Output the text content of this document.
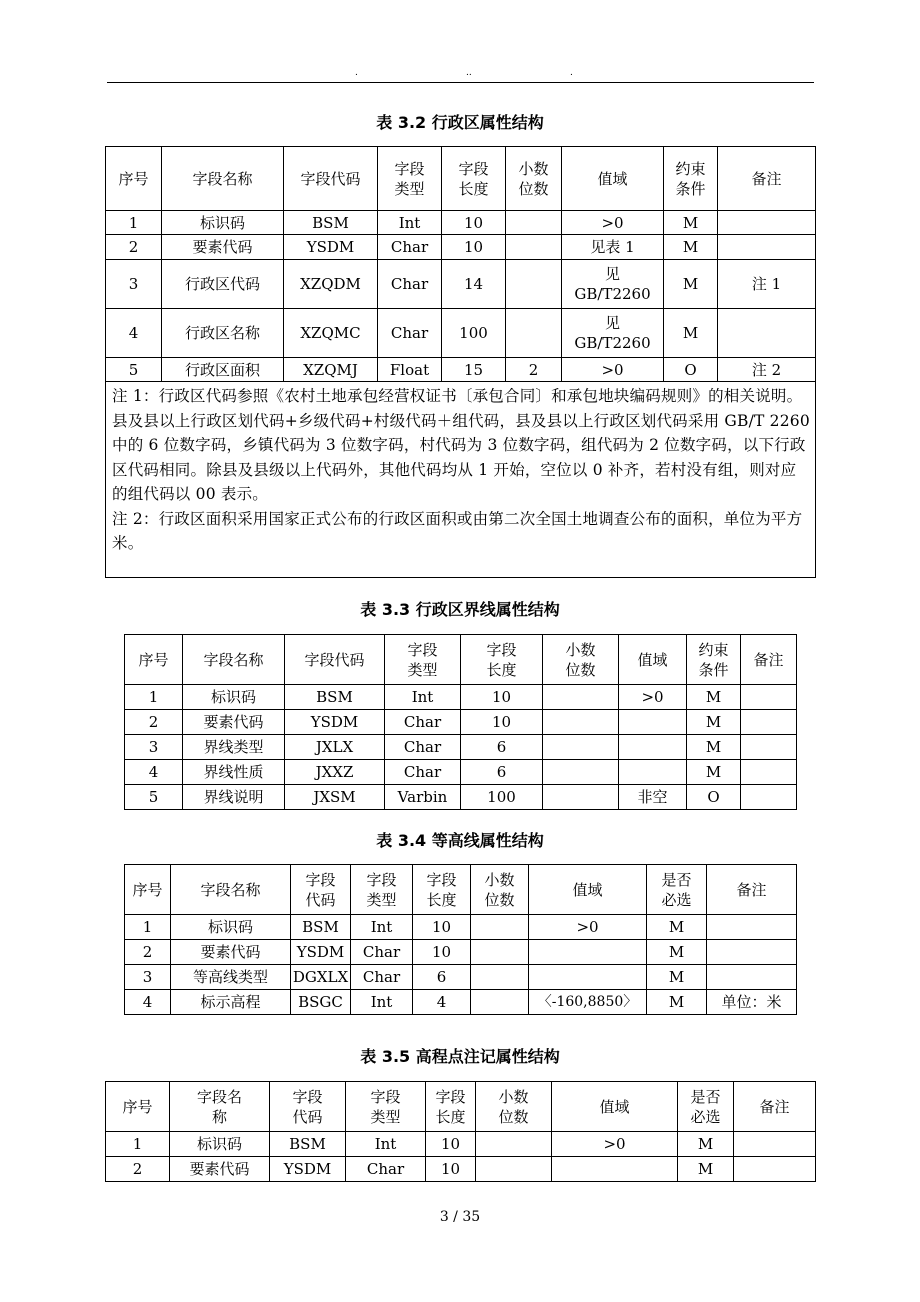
.	..	.
表 3.2 行政区属性结构
序号	字段名称	字段代码	字段类型	字段长度	小数位数	值域	约束条件	备注
1	标识码	BSM	Int	10		>0	M	
2	要素代码	YSDM	Char	10		见表 1	M	
3	行政区代码	XZQDM	Char	14		见 GB/T2260	M	注 1
4	行政区名称	XZQMC	Char	100		见 GB/T2260	M	
5	行政区面积	XZQMJ	Float	15	2	>0	O	注 2

注 1：行政区代码参照《农村土地承包经营权证书〔承包合同〕和承包地块编码规则》的相关说明。县及县以上行政区划代码+乡级代码+村级代码＋组代码，县及县以上行政区划代码采用 GB/T 2260 中的 6 位数字码，乡镇代码为 3 位数字码，村代码为 3 位数字码，组代码为 2 位数字码，以下行政区代码相同。除县及县级以上代码外，其他代码均从 1 开始，空位以 0 补齐，若村没有组，则对应的组代码以 00 表示。
注 2：行政区面积采用国家正式公布的行政区面积或由第二次全国土地调查公布的面积，单位为平方米。								
表 3.3 行政区界线属性结构
序号	字段名称	字段代码	字段类型	字段长度	小数位数	值域	约束条件	备注
1	标识码	BSM	Int	10		>0	M	
2	要素代码	YSDM	Char	10			M	
3	界线类型	JXLX	Char	6			M	
4	界线性质	JXXZ	Char	6			M	
5	界线说明	JXSM	Varbin	100		非空	O	
表 3.4 等高线属性结构
序号	字段名称	字段代码	字段类型	字段长度	小数位数	值域	是否必选	备注
1	标识码	BSM	Int	10		>0	M	
2	要素代码	YSDM	Char	10			M	
3	等高线类型	DGXLX	Char	6			M	
4	标示高程	BSGC	Int	4		〈-160,8850〉	M	单位：米
表 3.5 高程点注记属性结构
序号	字段名称	字段代码	字段类型	字段长度	小数位数	值域	是否必选	备注
1	标识码	BSM	Int	10		>0	M	
2	要素代码	YSDM	Char	10			M	
3 / 35
